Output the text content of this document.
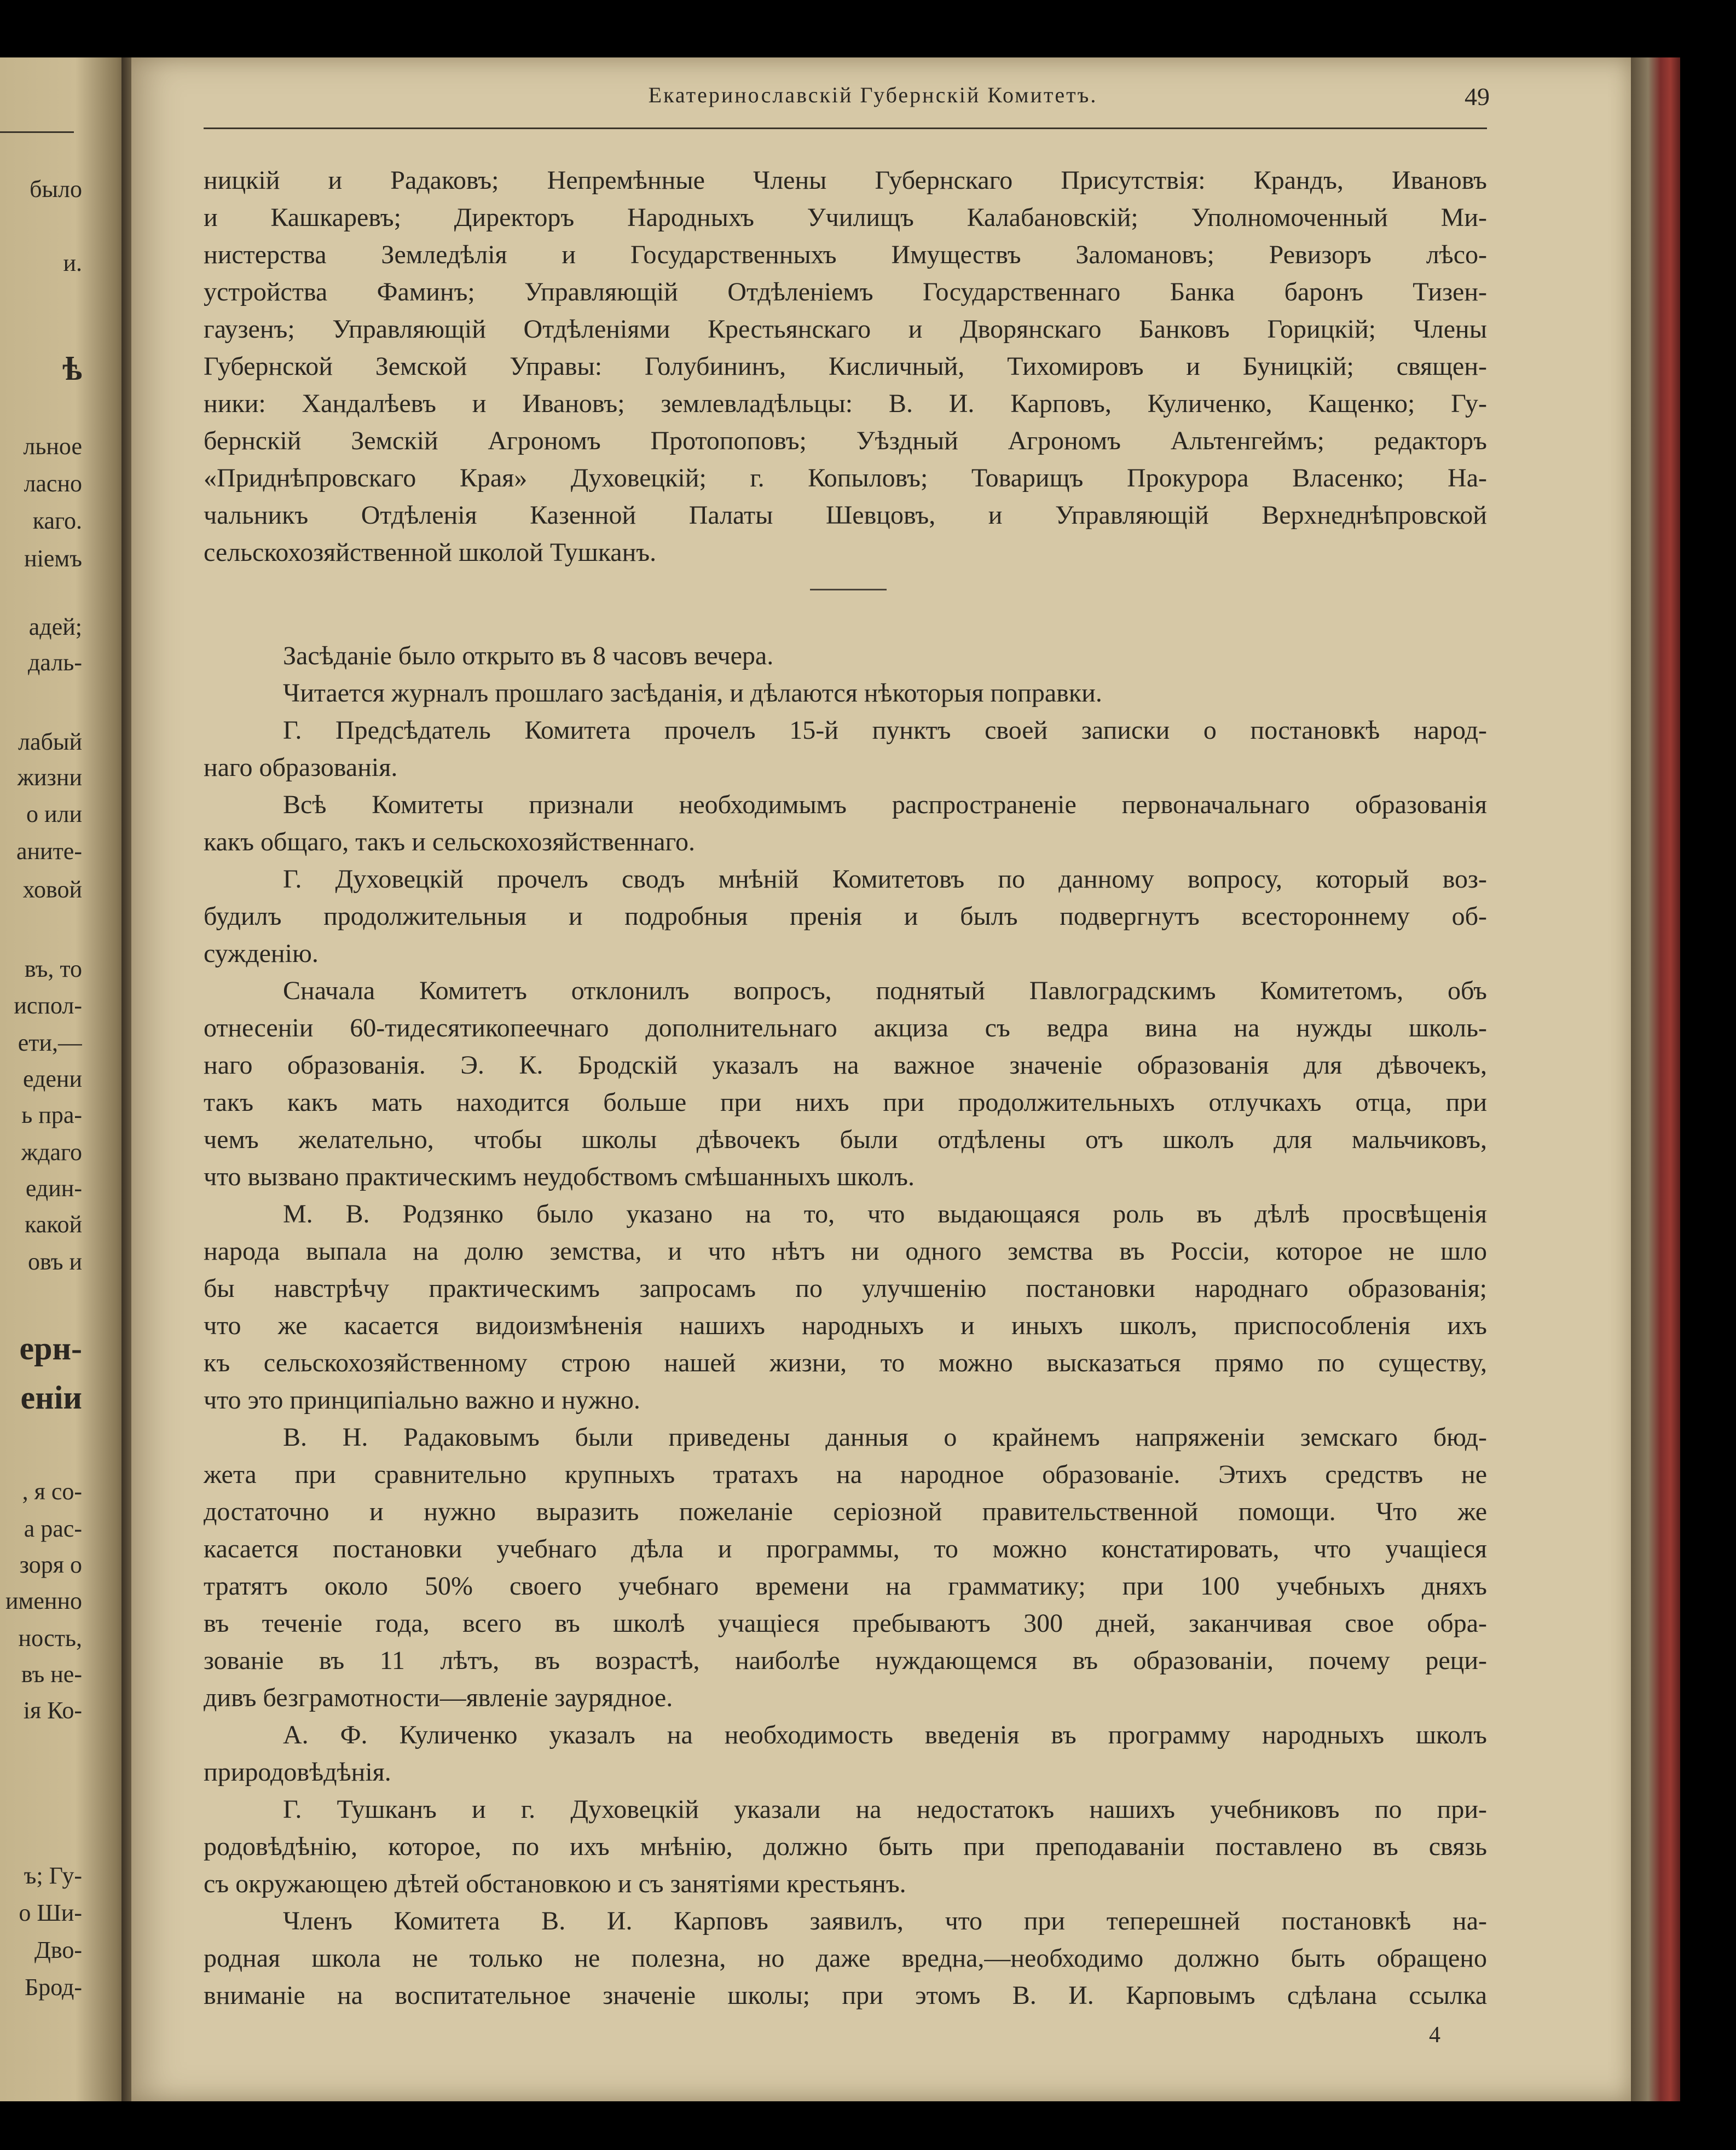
было
и.
ѣ
льное
ласно
каго.
ніемъ
адей;
даль-
лабый
жизни
о или
аните-
ховой
въ, то
испол-
ети,—
едени
ь пра-
ждаго
един-
какой
овъ и
ерн-
еніи
, я со-
а рас-
зоря о
имeнно
ность,
въ не-
ія Ко-
ъ; Гу-
о Ши-
Дво-
Брод-
Екатеринославскій Губернскій Комитетъ.	49
ницкій и Радаковъ; Непремѣнные Члены Губернскаго Присутствія: Крандъ, Ивановъ
и Кашкаревъ; Директоръ Народныхъ Училищъ Калабановскій; Уполномоченный Ми-
нистерства Земледѣлія и Государственныхъ Имуществъ Заломановъ; Ревизоръ лѣсо-
устройства Фаминъ; Управляющій Отдѣленіемъ Государственнаго Банка баронъ Тизен-
гаузенъ; Управляющій Отдѣленіями Крестьянскаго и Дворянскаго Банковъ Горицкій; Члены
Губернской Земской Управы: Голубининъ, Кисличный, Тихомировъ и Буницкій; священ-
ники: Хандалѣевъ и Ивановъ; землевладѣльцы: В. И. Карповъ, Куличенко, Кащенко; Гу-
бернскій Земскій Агрономъ Протопоповъ; Уѣздный Агрономъ Альтенгеймъ; редакторъ
«Приднѣпровскаго Края» Духовецкій; г. Копыловъ; Товарищъ Прокурора Власенко; На-
чальникъ Отдѣленія Казенной Палаты Шевцовъ, и Управляющій Верхнеднѣпровской
сельскохозяйственной школой Тушканъ.
Засѣданіе было открыто въ 8 часовъ вечера.
Читается журналъ прошлаго засѣданія, и дѣлаются нѣкоторыя поправки.
Г. Предсѣдатель Комитета прочелъ 15-й пунктъ своей записки о постановкѣ народ-
наго образованія.
Всѣ Комитеты признали необходимымъ распространеніе первоначальнаго образованія
какъ общаго, такъ и сельскохозяйственнаго.
Г. Духовецкій прочелъ сводъ мнѣній Комитетовъ по данному вопросу, который воз-
будилъ продолжительныя и подробныя пренія и былъ подвергнутъ всестороннему об-
сужденію.
Сначала Комитетъ отклонилъ вопросъ, поднятый Павлоградскимъ Комитетомъ, объ
отнесеніи 60-тидесятикопеечнаго дополнительнаго акциза съ ведра вина на нужды школь-
наго образованія. Э. К. Бродскій указалъ на важное значеніе образованія для дѣвочекъ,
такъ какъ мать находится больше при нихъ при продолжительныхъ отлучкахъ отца, при
чемъ желательно, чтобы школы дѣвочекъ были отдѣлены отъ школъ для мальчиковъ,
что вызвано практическимъ неудобствомъ смѣшанныхъ школъ.
М. В. Родзянко было указано на то, что выдающаяся роль въ дѣлѣ просвѣщенія
народа выпала на долю земства, и что нѣтъ ни одного земства въ Россіи, которое не шло
бы навстрѣчу практическимъ запросамъ по улучшенію постановки народнаго образованія;
что же касается видоизмѣненія нашихъ народныхъ и иныхъ школъ, приспособленія ихъ
къ сельскохозяйственному строю нашей жизни, то можно высказаться прямо по существу,
что это принципіально важно и нужно.
В. Н. Радаковымъ были приведены данныя о крайнемъ напряженіи земскаго бюд-
жета при сравнительно крупныхъ тратахъ на народное образованіе. Этихъ средствъ не
достаточно и нужно выразить пожеланіе серіозной правительственной помощи. Что же
касается постановки учебнаго дѣла и программы, то можно констатировать, что учащіеся
тратятъ около 50% своего учебнаго времени на грамматику; при 100 учебныхъ дняхъ
въ теченіе года, всего въ школѣ учащіеся пребываютъ 300 дней, заканчивая свое обра-
зованіе въ 11 лѣтъ, въ возрастѣ, наиболѣе нуждающемся въ образованіи, почему реци-
дивъ безграмотности—явленіе заурядное.
А. Ф. Куличенко указалъ на необходимость введенія въ программу народныхъ школъ
природовѣдѣнія.
Г. Тушканъ и г. Духовецкій указали на недостатокъ нашихъ учебниковъ по при-
родовѣдѣнію, которое, по ихъ мнѣнію, должно быть при преподаваніи поставлено въ связь
съ окружающею дѣтей обстановкою и съ занятіями крестьянъ.
Членъ Комитета В. И. Карповъ заявилъ, что при теперешней постановкѣ на-
родная школа не только не полезна, но даже вредна,—необходимо должно быть обращено
вниманіе на воспитательное значеніе школы; при этомъ В. И. Карповымъ сдѣлана ссылка
4
